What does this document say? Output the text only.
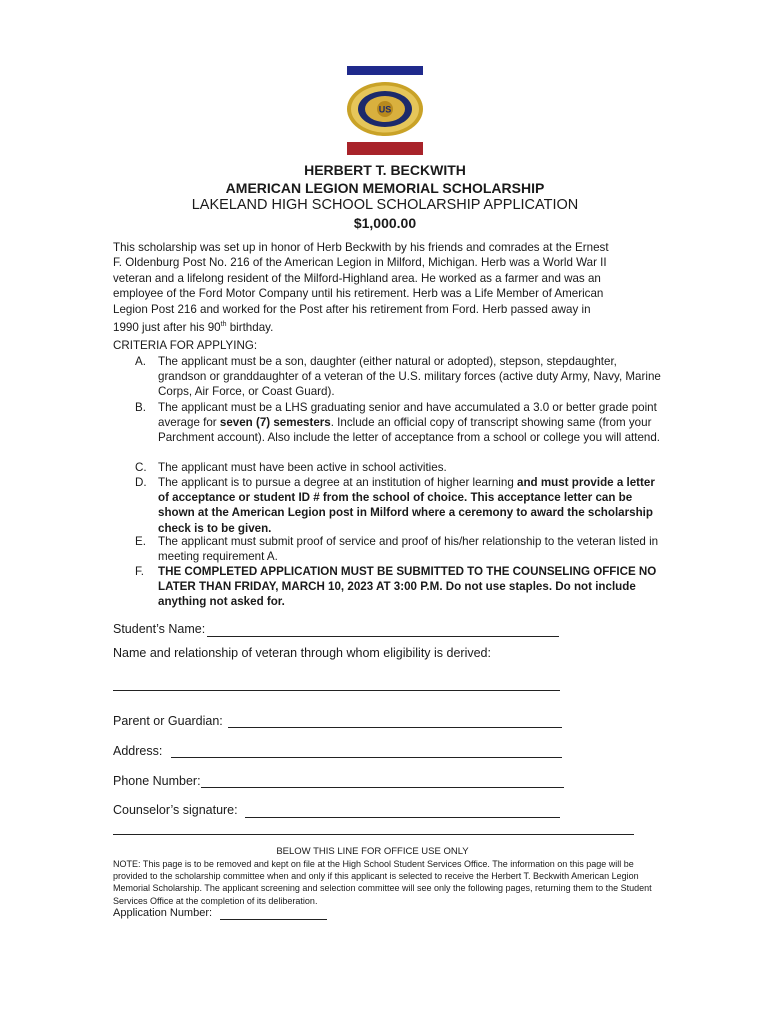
US
HERBERT T. BECKWITH
AMERICAN LEGION MEMORIAL SCHOLARSHIP
LAKELAND HIGH SCHOOL SCHOLARSHIP APPLICATION
$1,000.00
This scholarship was set up in honor of Herb Beckwith by his friends and comrades at the Ernest
F. Oldenburg Post No. 216 of the American Legion in Milford, Michigan. Herb was a World War II
veteran and a lifelong resident of the Milford-Highland area. He worked as a farmer and was an
employee of the Ford Motor Company until his retirement. Herb was a Life Member of American
Legion Post 216 and worked for the Post after his retirement from Ford. Herb passed away in
1990 just after his 90th birthday.
CRITERIA FOR APPLYING:
A. The applicant must be a son, daughter (either natural or adopted), stepson, stepdaughter, grandson or granddaughter of a veteran of the U.S. military forces (active duty Army, Navy, Marine Corps, Air Force, or Coast Guard).
B. The applicant must be a LHS graduating senior and have accumulated a 3.0 or better grade point average for seven (7) semesters. Include an official copy of transcript showing same (from your Parchment account). Also include the letter of acceptance from a school or college you will attend.
C. The applicant must have been active in school activities.
D. The applicant is to pursue a degree at an institution of higher learning and must provide a letter of acceptance or student ID # from the school of choice. This acceptance letter can be shown at the American Legion post in Milford where a ceremony to award the scholarship check is to be given.
E. The applicant must submit proof of service and proof of his/her relationship to the veteran listed in meeting requirement A.
F. THE COMPLETED APPLICATION MUST BE SUBMITTED TO THE COUNSELING OFFICE NO LATER THAN FRIDAY, MARCH 10, 2023 AT 3:00 P.M. Do not use staples. Do not include anything not asked for.
Student’s Name:
Name and relationship of veteran through whom eligibility is derived:
Parent or Guardian:
Address:
Phone Number:
Counselor’s signature:
BELOW THIS LINE FOR OFFICE USE ONLY
NOTE: This page is to be removed and kept on file at the High School Student Services Office. The information on this page will be provided to the scholarship committee when and only if this applicant is selected to receive the Herbert T. Beckwith American Legion Memorial Scholarship. The applicant screening and selection committee will see only the following pages, returning them to the Student Services Office at the completion of its deliberation.
Application Number:
